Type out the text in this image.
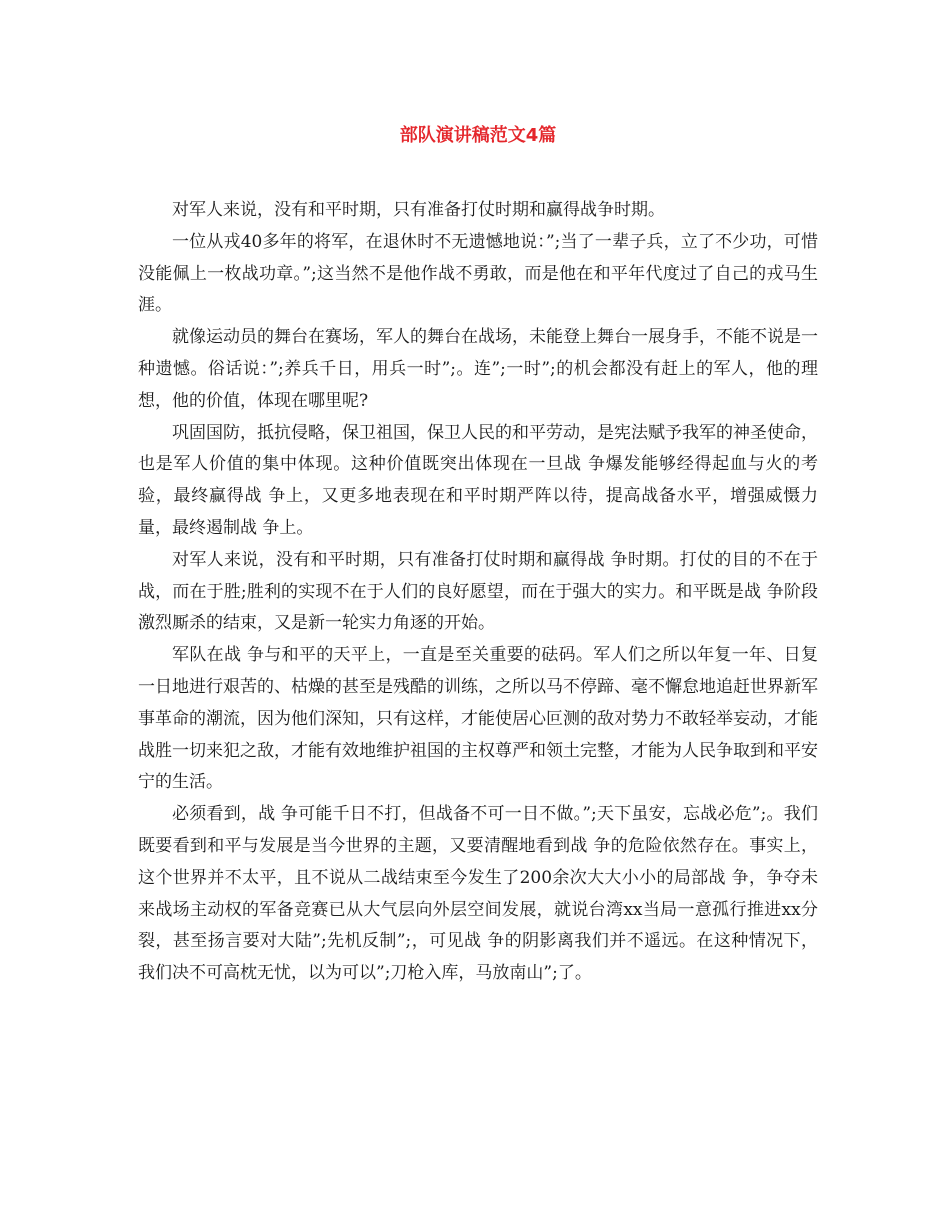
部队演讲稿范文4篇

对军人来说，没有和平时期，只有准备打仗时期和赢得战争时期。

一位从戎40多年的将军，在退休时不无遗憾地说：”;当了一辈子兵，立了不少功，可惜没能佩上一枚战功章。”;这当然不是他作战不勇敢，而是他在和平年代度过了自己的戎马生涯。

就像运动员的舞台在赛场，军人的舞台在战场，未能登上舞台一展身手，不能不说是一种遗憾。俗话说：”;养兵千日，用兵一时”;。连”;一时”;的机会都没有赶上的军人，他的理想，他的价值，体现在哪里呢?

巩固国防，抵抗侵略，保卫祖国，保卫人民的和平劳动，是宪法赋予我军的神圣使命，也是军人价值的集中体现。这种价值既突出体现在一旦战 争爆发能够经得起血与火的考验，最终赢得战 争上，又更多地表现在和平时期严阵以待，提高战备水平，增强威慑力量，最终遏制战 争上。

对军人来说，没有和平时期，只有准备打仗时期和赢得战 争时期。打仗的目的不在于战，而在于胜;胜利的实现不在于人们的良好愿望，而在于强大的实力。和平既是战 争阶段激烈厮杀的结束，又是新一轮实力角逐的开始。

军队在战 争与和平的天平上，一直是至关重要的砝码。军人们之所以年复一年、日复一日地进行艰苦的、枯燥的甚至是残酷的训练，之所以马不停蹄、毫不懈怠地追赶世界新军事革命的潮流，因为他们深知，只有这样，才能使居心叵测的敌对势力不敢轻举妄动，才能战胜一切来犯之敌，才能有效地维护祖国的主权尊严和领土完整，才能为人民争取到和平安宁的生活。

必须看到，战 争可能千日不打，但战备不可一日不做。”;天下虽安，忘战必危”;。我们既要看到和平与发展是当今世界的主题，又要清醒地看到战 争的危险依然存在。事实上，这个世界并不太平，且不说从二战结束至今发生了200余次大大小小的局部战 争，争夺未来战场主动权的军备竞赛已从大气层向外层空间发展，就说台湾xx当局一意孤行推进xx分裂，甚至扬言要对大陆”;先机反制”;，可见战 争的阴影离我们并不遥远。在这种情况下，我们决不可高枕无忧，以为可以”;刀枪入库，马放南山”;了。
